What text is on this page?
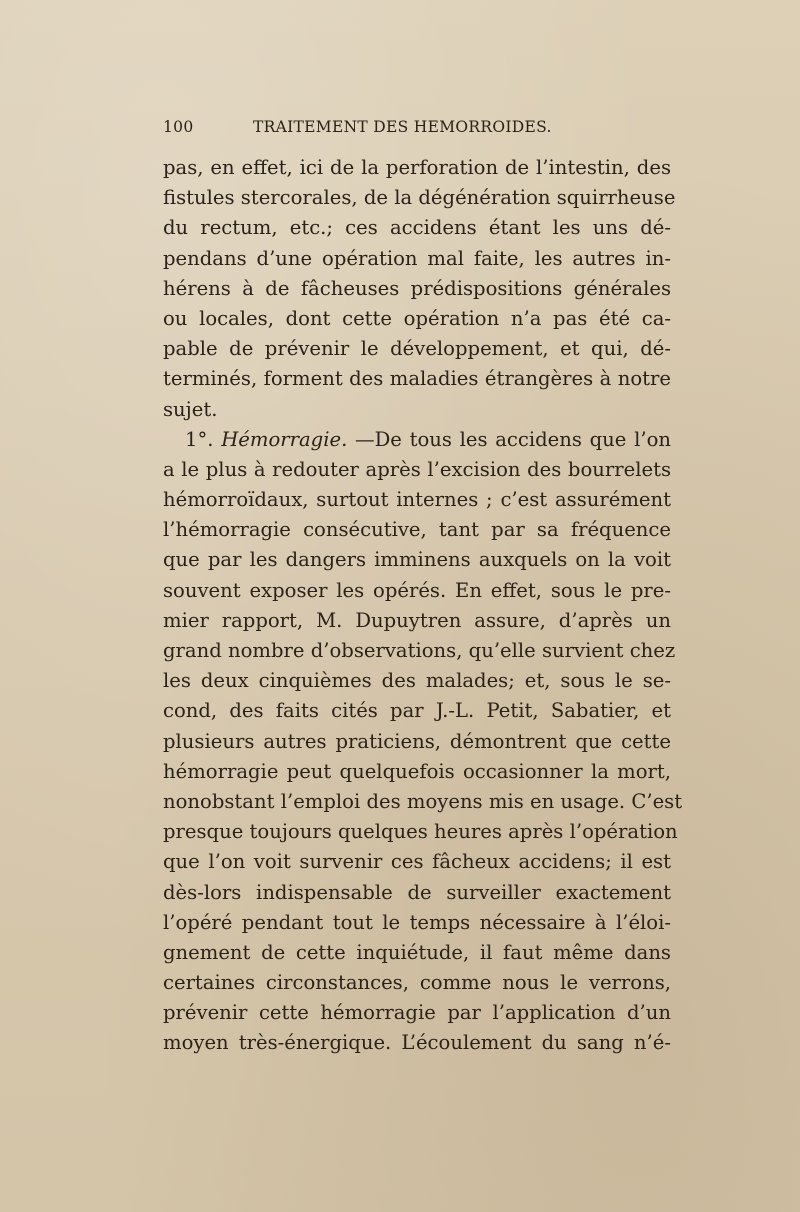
100	TRAITEMENT DES HEMORROIDES.
pas, en effet, ici de la perforation de l’intestin, des
fistules stercorales, de la dégénération squirrheuse
du rectum, etc.; ces accidens étant les uns dé-
pendans d’une opération mal faite, les autres in-
hérens à de fâcheuses prédispositions générales
ou locales, dont cette opération n’a pas été ca-
pable de prévenir le développement, et qui, dé-
terminés, forment des maladies étrangères à notre
sujet.
1°. Hémorragie. —De tous les accidens que l’on
a le plus à redouter après l’excision des bourrelets
hémorroïdaux, surtout internes ; c’est assurément
l’hémorragie consécutive, tant par sa fréquence
que par les dangers imminens auxquels on la voit
souvent exposer les opérés. En effet, sous le pre-
mier rapport, M. Dupuytren assure, d’après un
grand nombre d’observations, qu’elle survient chez
les deux cinquièmes des malades; et, sous le se-
cond, des faits cités par J.-L. Petit, Sabatier, et
plusieurs autres praticiens, démontrent que cette
hémorragie peut quelquefois occasionner la mort,
nonobstant l’emploi des moyens mis en usage. C’est
presque toujours quelques heures après l’opération
que l’on voit survenir ces fâcheux accidens; il est
dès-lors indispensable de surveiller exactement
l’opéré pendant tout le temps nécessaire à l’éloi-
gnement de cette inquiétude, il faut même dans
certaines circonstances, comme nous le verrons,
prévenir cette hémorragie par l’application d’un
moyen très-énergique. L’écoulement du sang n’é-
